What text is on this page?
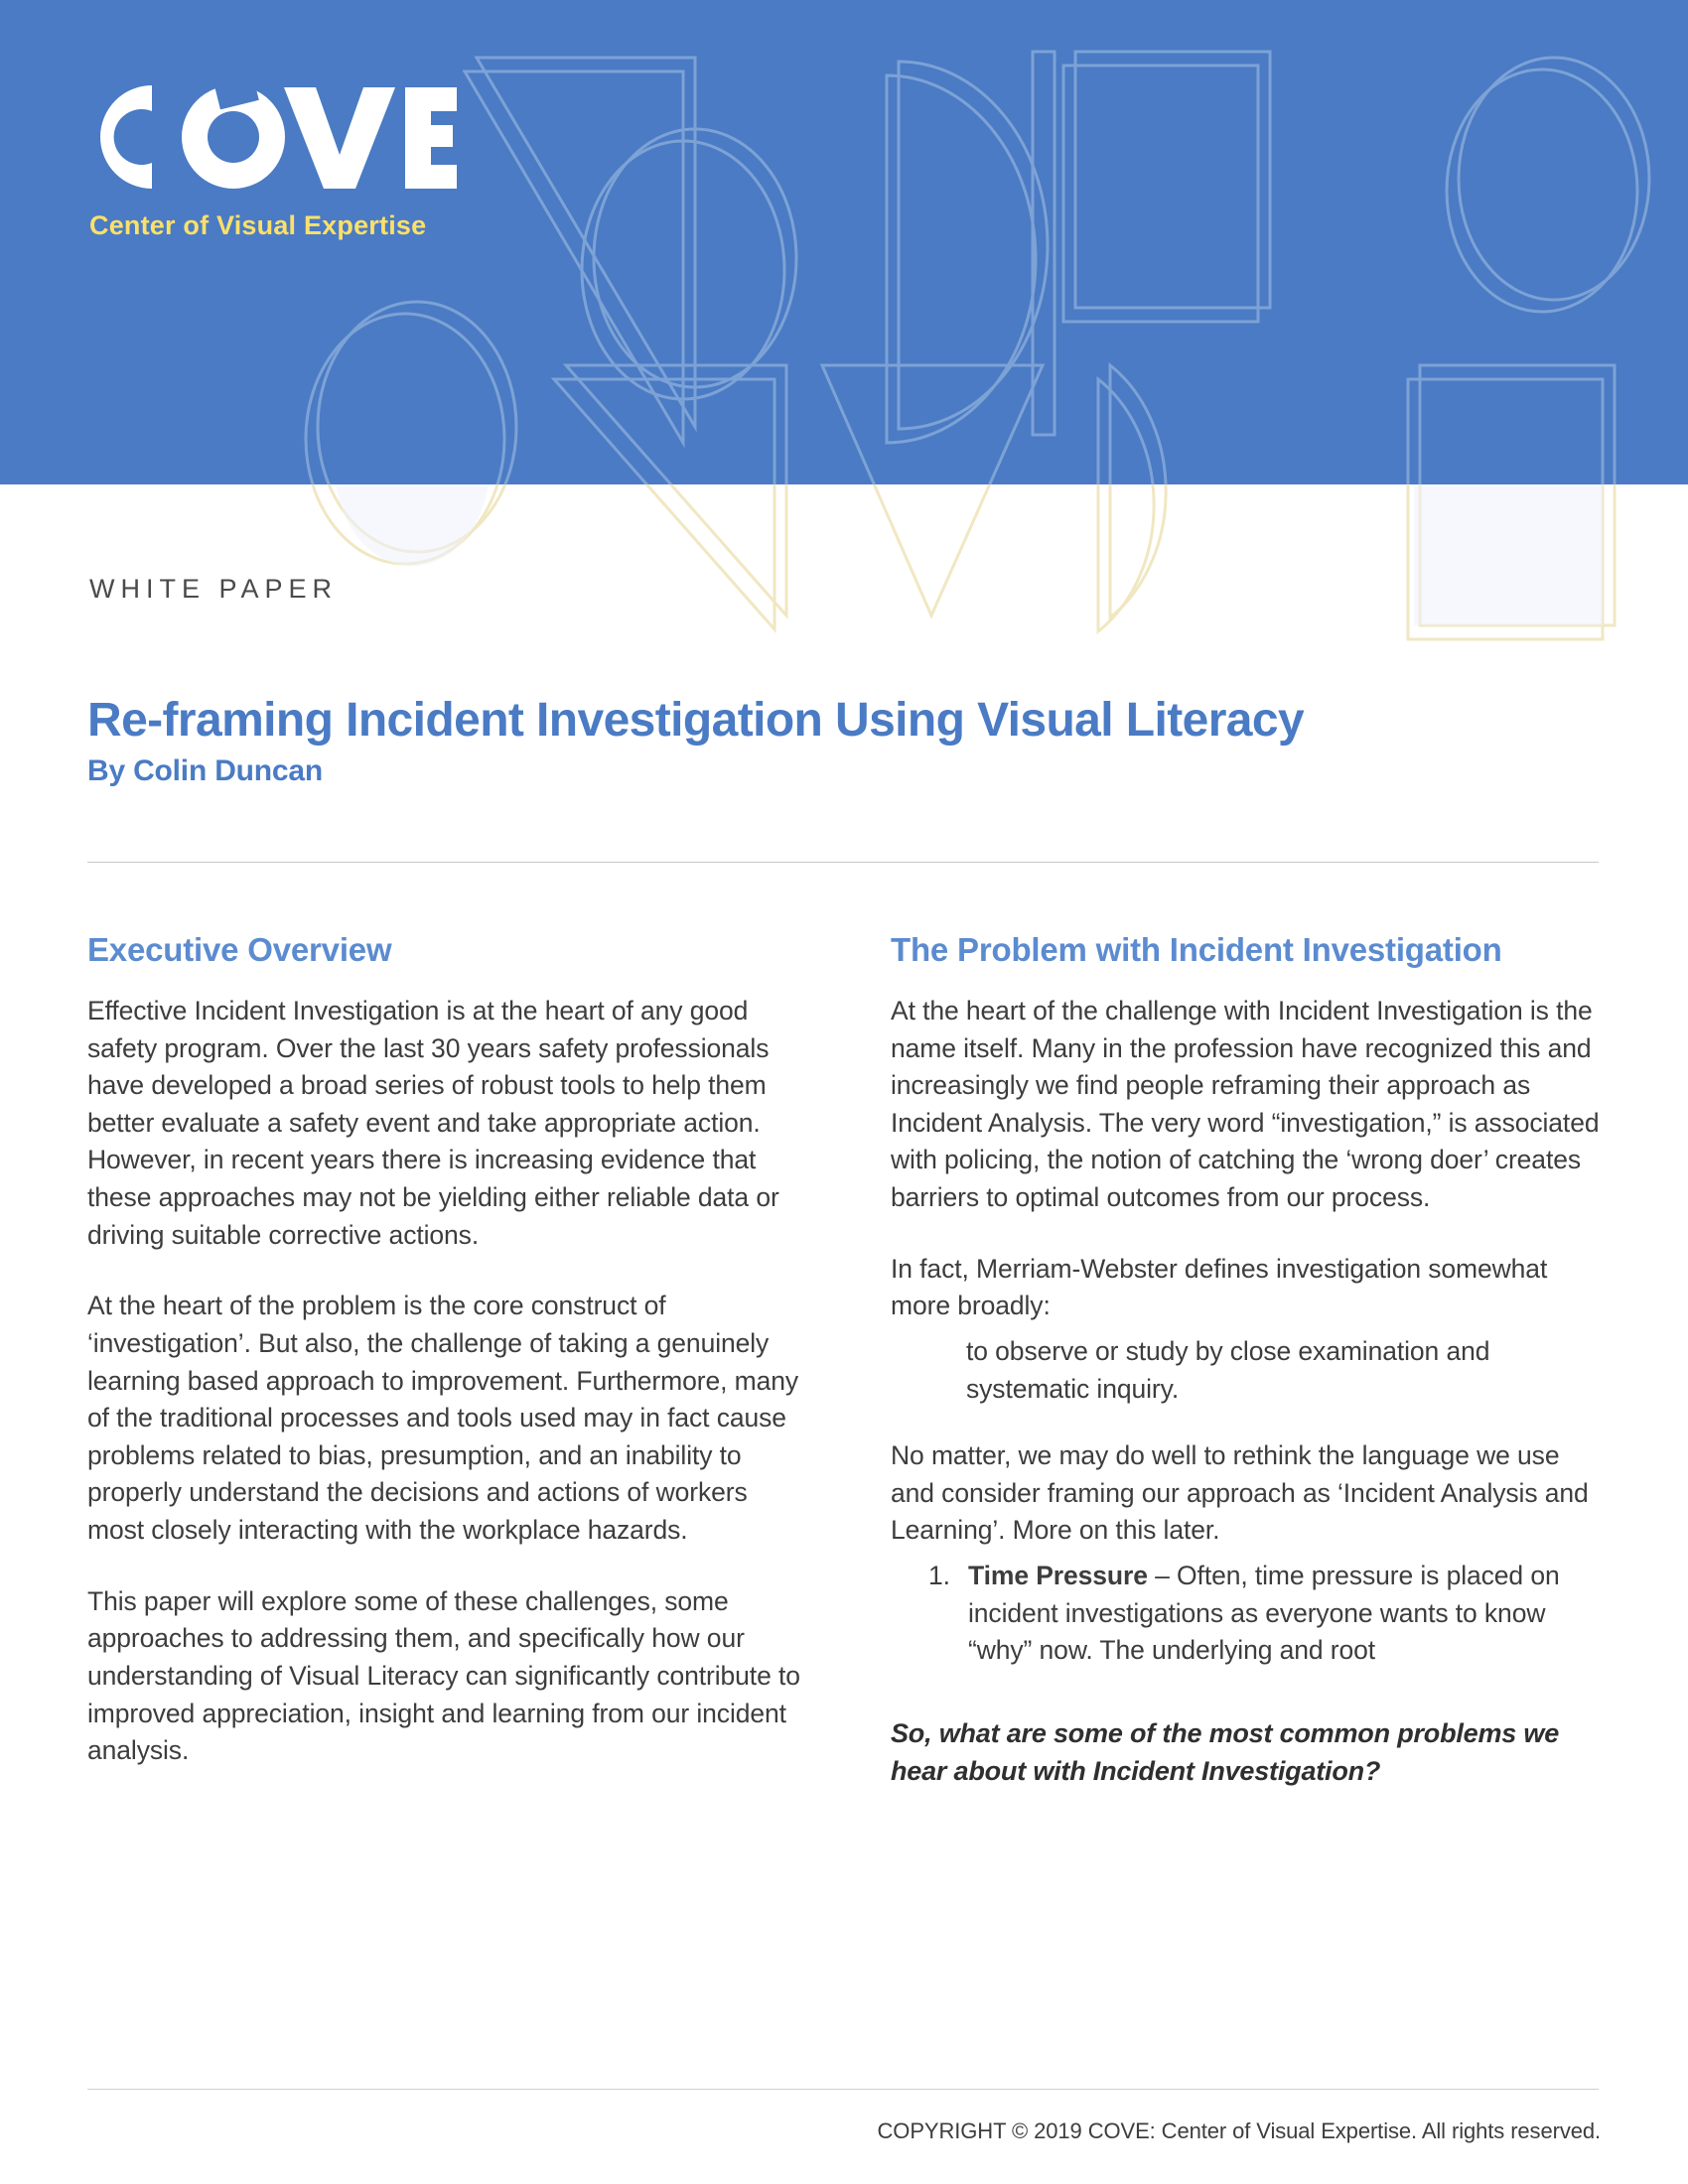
Center of Visual Expertise
WHITE PAPER
Re-framing Incident Investigation Using Visual Literacy
By Colin Duncan
Executive Overview

Effective Incident Investigation is at the heart of any good safety program. Over the last 30 years safety professionals have developed a broad series of robust tools to help them better evaluate a safety event and take appropriate action. However, in recent years there is increasing evidence that these approaches may not be yielding either reliable data or driving suitable corrective actions.

At the heart of the problem is the core construct of ‘investigation’. But also, the challenge of taking a genuinely learning based approach to improvement. Furthermore, many of the traditional processes and tools used may in fact cause problems related to bias, presumption, and an inability to properly understand the decisions and actions of workers most closely interacting with the workplace hazards.

This paper will explore some of these challenges, some approaches to addressing them, and specifically how our understanding of Visual Literacy can significantly contribute to improved appreciation, insight and learning from our incident analysis.

The Problem with Incident Investigation

At the heart of the challenge with Incident Investigation is the name itself. Many in the profession have recognized this and increasingly we find people reframing their approach as Incident Analysis. The very word “investigation,” is associated with policing, the notion of catching the ‘wrong doer’ creates barriers to optimal outcomes from our process.

In fact, Merriam-Webster defines investigation somewhat more broadly:

to observe or study by close examination and systematic inquiry.

No matter, we may do well to rethink the language we use and consider framing our approach as ‘Incident Analysis and Learning’. More on this later.

Time Pressure – Often, time pressure is placed on incident investigations as everyone wants to know “why” now. The underlying and root
So, what are some of the most common problems we hear about with Incident Investigation?
COPYRIGHT © 2019 COVE: Center of Visual Expertise. All rights reserved.
